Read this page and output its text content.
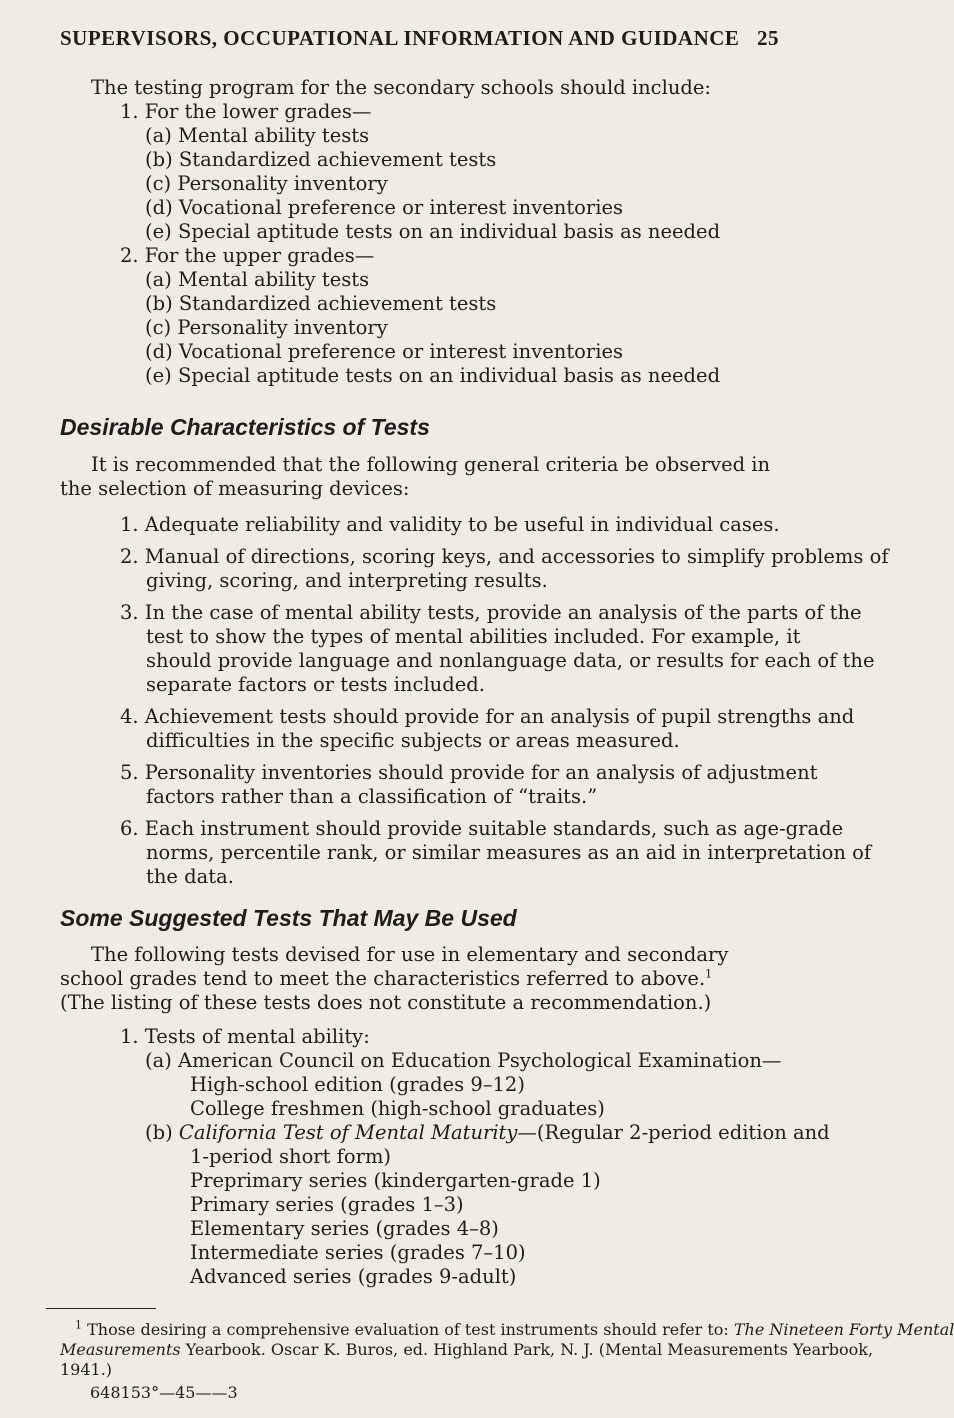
SUPERVISORS, OCCUPATIONAL INFORMATION AND GUIDANCE 25
The testing program for the secondary schools should include:
1. For the lower grades—
(a) Mental ability tests
(b) Standardized achievement tests
(c) Personality inventory
(d) Vocational preference or interest inventories
(e) Special aptitude tests on an individual basis as needed
2. For the upper grades—
(a) Mental ability tests
(b) Standardized achievement tests
(c) Personality inventory
(d) Vocational preference or interest inventories
(e) Special aptitude tests on an individual basis as needed
Desirable Characteristics of Tests
It is recommended that the following general criteria be observed in
the selection of measuring devices:
1. Adequate reliability and validity to be useful in individual cases.
2. Manual of directions, scoring keys, and accessories to simplify problems of
giving, scoring, and interpreting results.
3. In the case of mental ability tests, provide an analysis of the parts of the
test to show the types of mental abilities included. For example, it
should provide language and nonlanguage data, or results for each of the
separate factors or tests included.
4. Achievement tests should provide for an analysis of pupil strengths and
difficulties in the specific subjects or areas measured.
5. Personality inventories should provide for an analysis of adjustment
factors rather than a classification of “traits.”
6. Each instrument should provide suitable standards, such as age-grade
norms, percentile rank, or similar measures as an aid in interpretation of
the data.
Some Suggested Tests That May Be Used
The following tests devised for use in elementary and secondary
school grades tend to meet the characteristics referred to above.$^1$
(The listing of these tests does not constitute a recommendation.)
1. Tests of mental ability:
(a) American Council on Education Psychological Examination—
High-school edition (grades 9–12)
College freshmen (high-school graduates)
(b) California Test of Mental Maturity—(Regular 2-period edition and
1-period short form)
Preprimary series (kindergarten-grade 1)
Primary series (grades 1–3)
Elementary series (grades 4–8)
Intermediate series (grades 7–10)
Advanced series (grades 9-adult)
$^1$ Those desiring a comprehensive evaluation of test instruments should refer to: The Nineteen Forty Mental
Measurements Yearbook. Oscar K. Buros, ed. Highland Park, N. J. (Mental Measurements Yearbook,
1941.)
648153°—45——3
